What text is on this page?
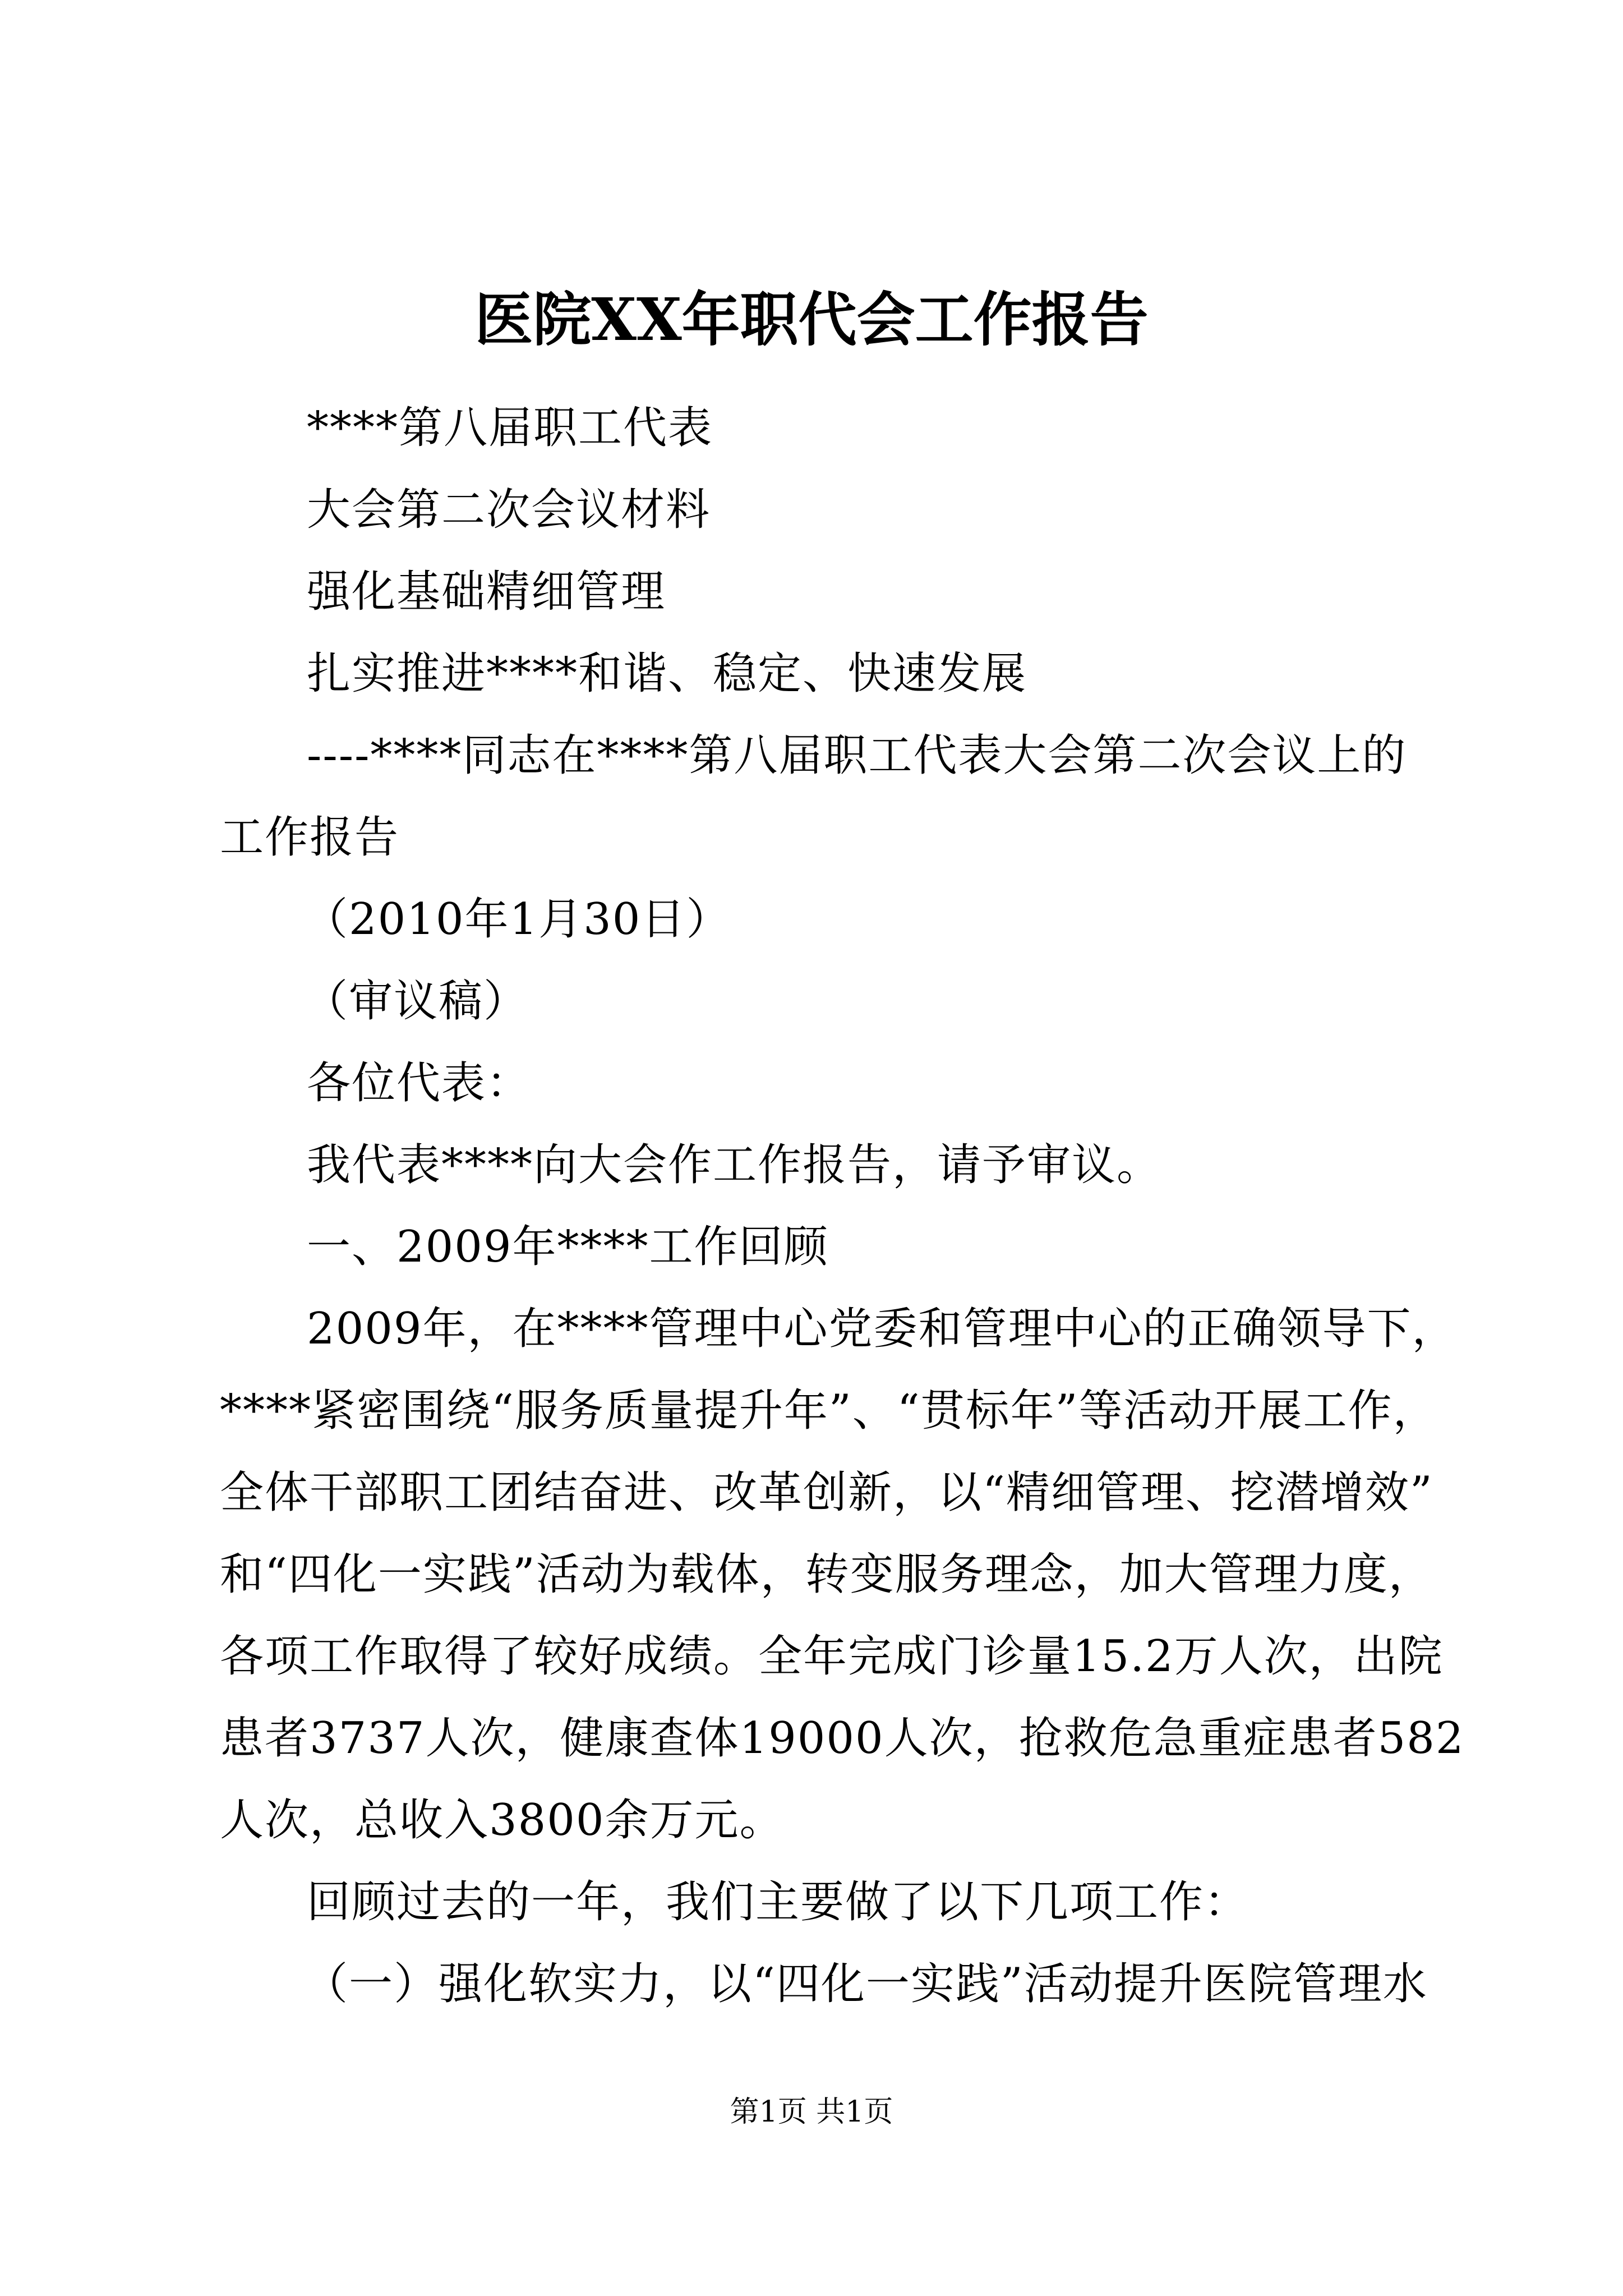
医院XX年职代会工作报告
****第八届职工代表
大会第二次会议材料
强化基础精细管理
扎实推进****和谐、稳定、快速发展
----****同志在****第八届职工代表大会第二次会议上的
工作报告
（2010年1月30日）
（审议稿）
各位代表：
我代表****向大会作工作报告，请予审议。
一、2009年****工作回顾
2009年，在****管理中心党委和管理中心的正确领导下，
****紧密围绕“服务质量提升年”、“贯标年”等活动开展工作，
全体干部职工团结奋进、改革创新，以“精细管理、挖潜增效”
和“四化一实践”活动为载体，转变服务理念，加大管理力度，
各项工作取得了较好成绩。全年完成门诊量15.2万人次，出院
患者3737人次，健康查体19000人次，抢救危急重症患者582
人次，总收入3800余万元。
回顾过去的一年，我们主要做了以下几项工作：
（一）强化软实力，以“四化一实践”活动提升医院管理水
第1页 共1页
